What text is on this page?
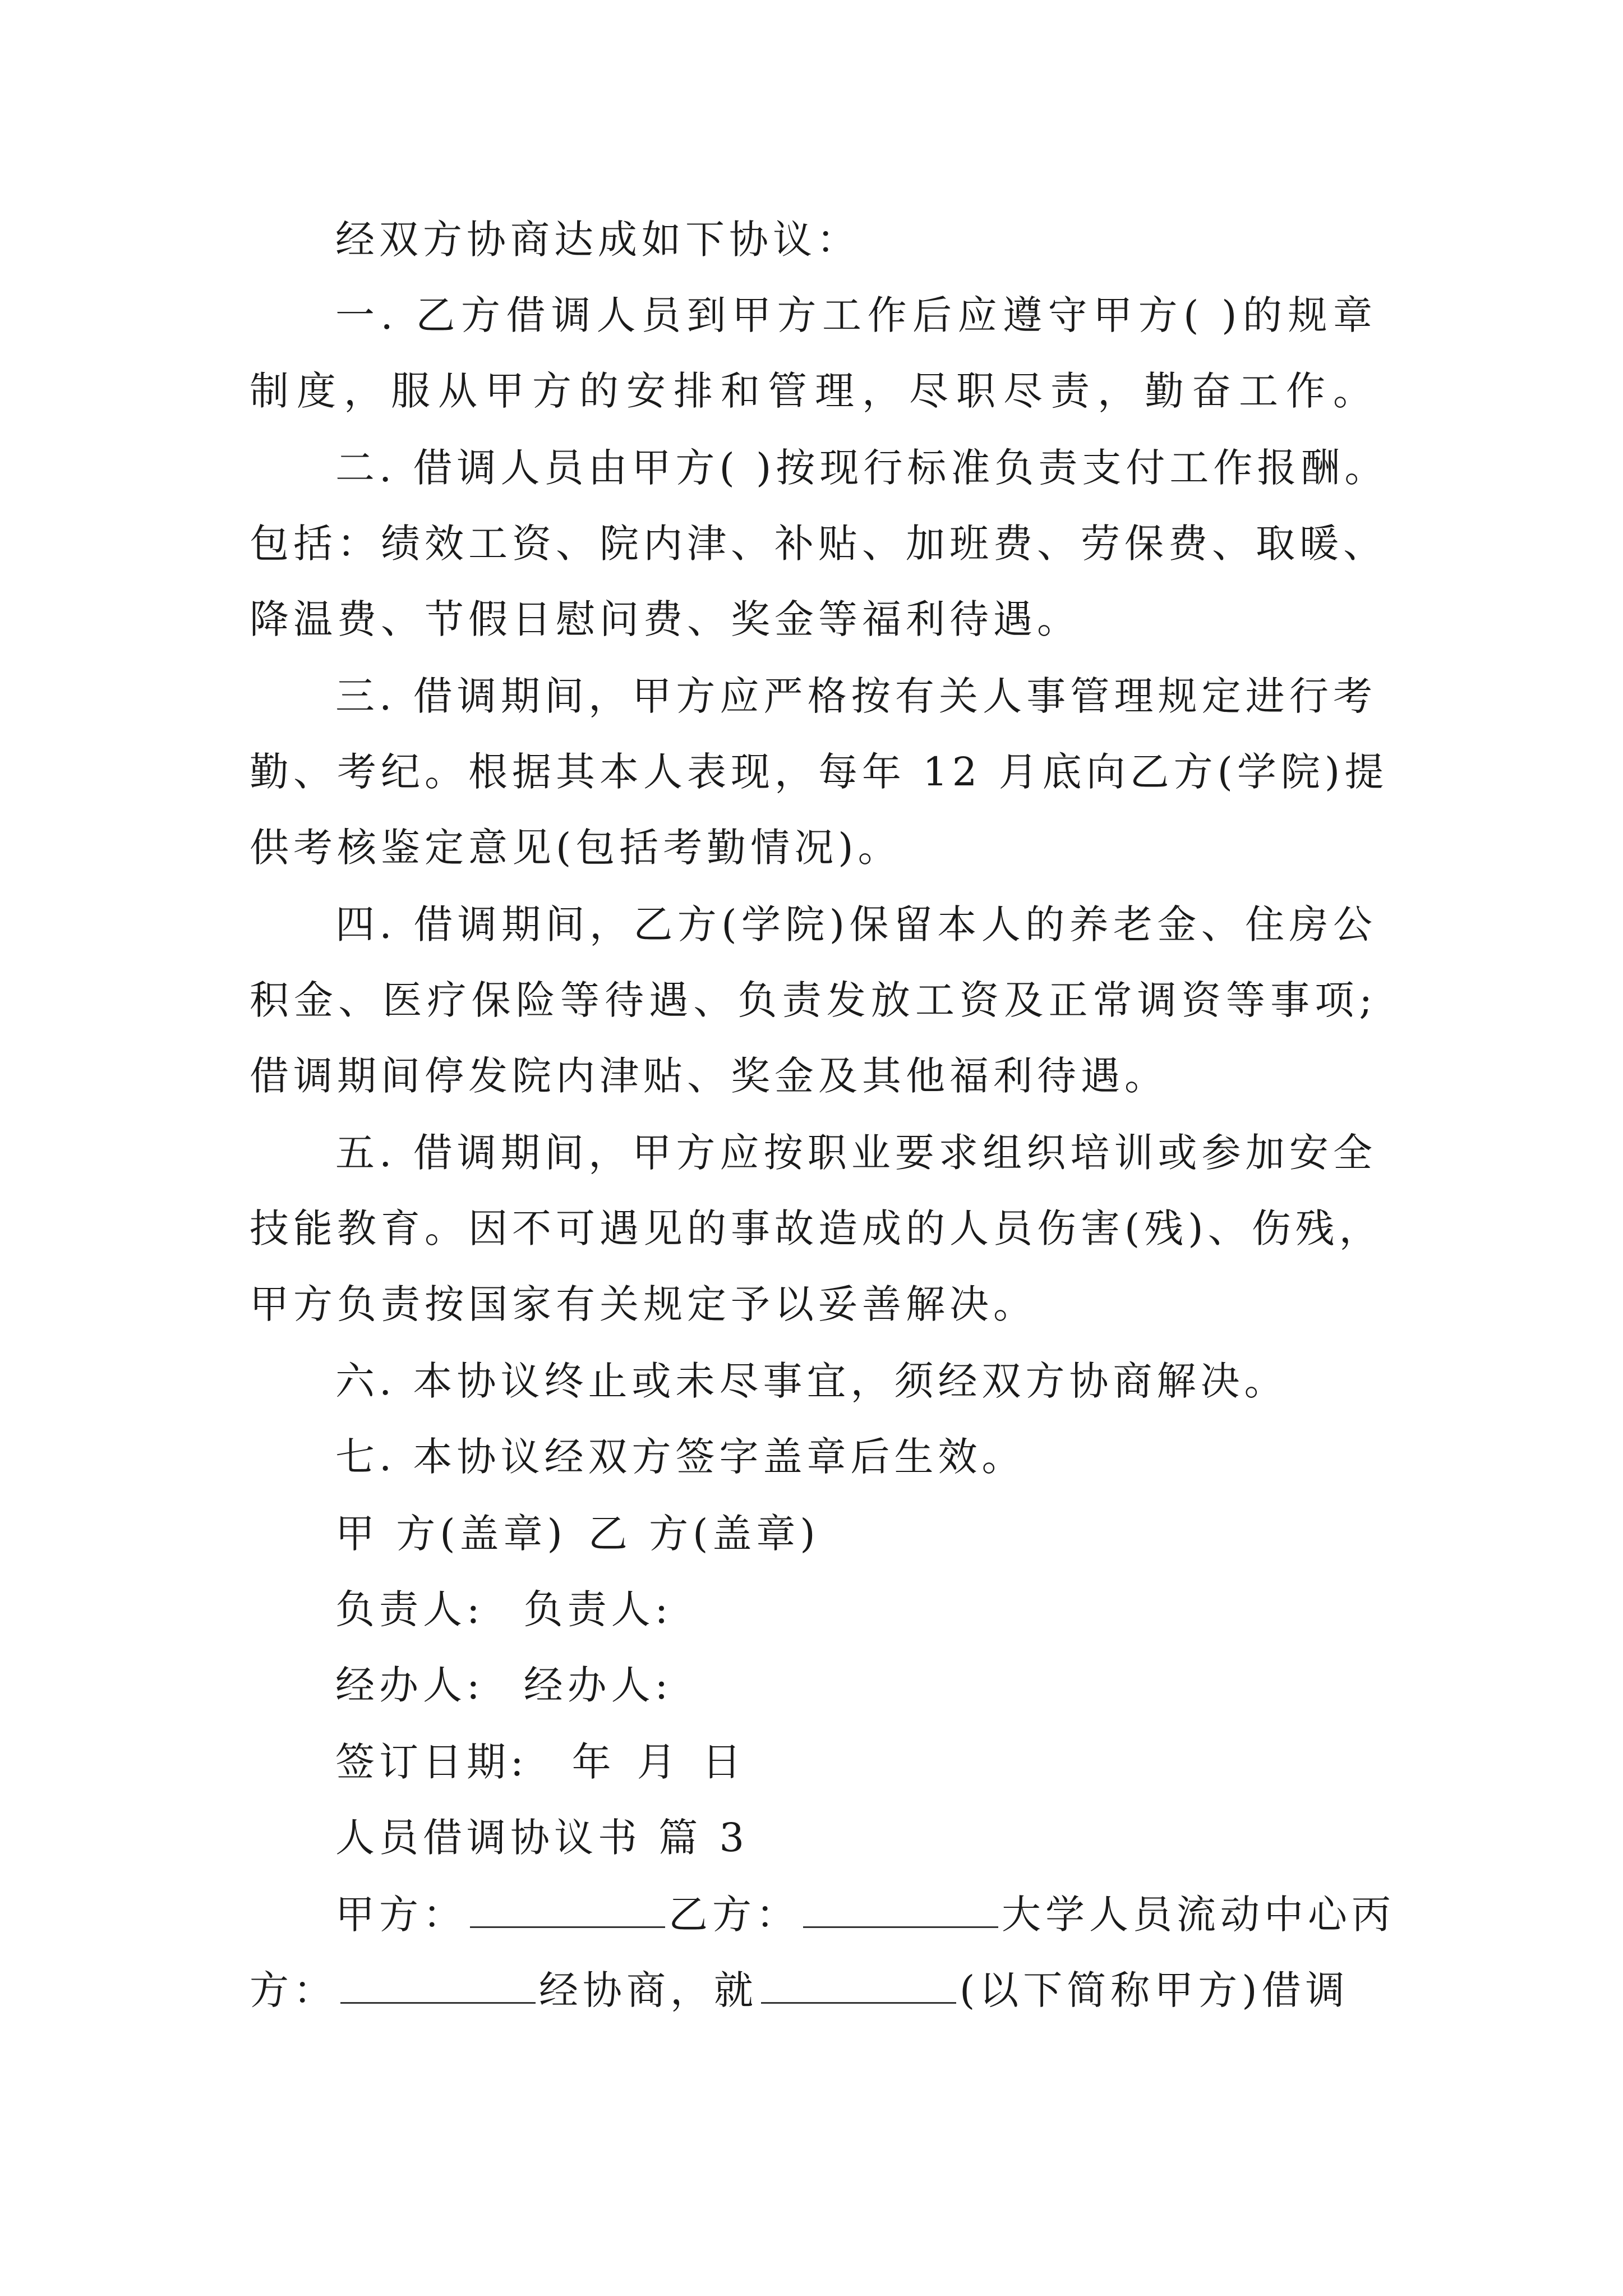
经双方协商达成如下协议：
一. 乙方借调人员到甲方工作后应遵守甲方( )的规章
制度，服从甲方的安排和管理，尽职尽责，勤奋工作。
二. 借调人员由甲方( )按现行标准负责支付工作报酬。
包括：绩效工资、院内津、补贴、加班费、劳保费、取暖、
降温费、节假日慰问费、奖金等福利待遇。
三. 借调期间，甲方应严格按有关人事管理规定进行考
勤、考纪。根据其本人表现，每年 12 月底向乙方(学院)提
供考核鉴定意见(包括考勤情况)。
四. 借调期间，乙方(学院)保留本人的养老金、住房公
积金、医疗保险等待遇、负责发放工资及正常调资等事项;
借调期间停发院内津贴、奖金及其他福利待遇。
五. 借调期间，甲方应按职业要求组织培训或参加安全
技能教育。因不可遇见的事故造成的人员伤害(残)、伤残，
甲方负责按国家有关规定予以妥善解决。
六. 本协议终止或未尽事宜，须经双方协商解决。
七. 本协议经双方签字盖章后生效。
甲 方(盖章) 乙 方(盖章)
负责人: 负责人:
经办人: 经办人:
签订日期: 年 月 日
人员借调协议书 篇 3
甲方：	乙方：	大学人员流动中心丙
方：	经协商，就	(以下简称甲方)借调
